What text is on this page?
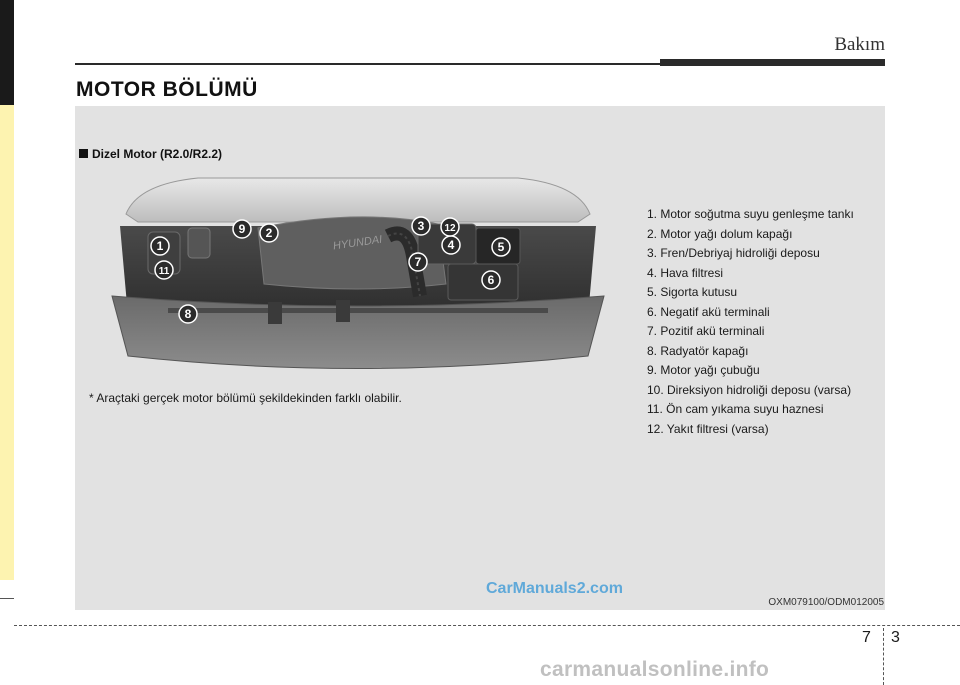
Bakım
MOTOR BÖLÜMÜ
Dizel Motor (R2.0/R2.2)
HYUNDAI
1
2	3
4	5
6
7
8
9
11
12
1. Motor soğutma suyu genleşme tankı
2. Motor yağı dolum kapağı
3. Fren/Debriyaj hidroliği deposu
4. Hava filtresi
5. Sigorta kutusu
6. Negatif akü terminali
7. Pozitif akü terminali
8. Radyatör kapağı
9. Motor yağı çubuğu
10. Direksiyon hidroliği deposu (varsa)
11. Ön cam yıkama suyu haznesi
12. Yakıt filtresi (varsa)
* Araçtaki gerçek motor bölümü şekildekinden farklı olabilir.
CarManuals2.com
OXM079100/ODM012005
7 3
carmanualsonline.info
